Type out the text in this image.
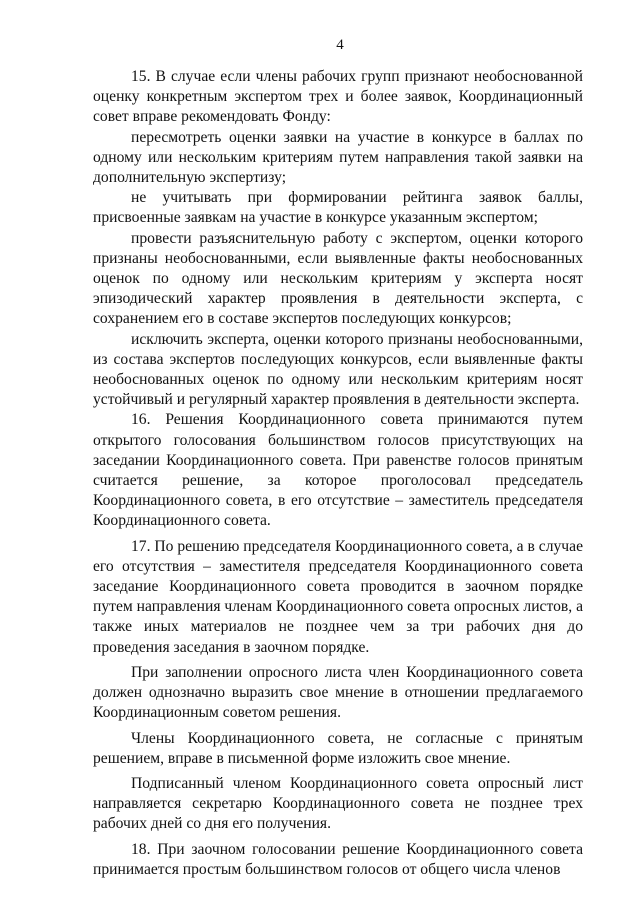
4

15. В случае если члены рабочих групп признают необоснованной оценку конкретным экспертом трех и более заявок, Координационный совет вправе рекомендовать Фонду:

пересмотреть оценки заявки на участие в конкурсе в баллах по одному или нескольким критериям путем направления такой заявки на дополнительную экспертизу;

не учитывать при формировании рейтинга заявок баллы, присвоенные заявкам на участие в конкурсе указанным экспертом;

провести разъяснительную работу с экспертом, оценки которого признаны необоснованными, если выявленные факты необоснованных оценок по одному или нескольким критериям у эксперта носят эпизодический характер проявления в деятельности эксперта, с сохранением его в составе экспертов последующих конкурсов;

исключить эксперта, оценки которого признаны необоснованными, из состава экспертов последующих конкурсов, если выявленные факты необоснованных оценок по одному или нескольким критериям носят устойчивый и регулярный характер проявления в деятельности эксперта.

16. Решения Координационного совета принимаются путем открытого голосования большинством голосов присутствующих на заседании Координационного совета. При равенстве голосов принятым считается решение, за которое проголосовал председатель Координационного совета, в его отсутствие – заместитель председателя Координационного совета.

17. По решению председателя Координационного совета, а в случае его отсутствия – заместителя председателя Координационного совета заседание Координационного совета проводится в заочном порядке путем направления членам Координационного совета опросных листов, а также иных материалов не позднее чем за три рабочих дня до проведения заседания в заочном порядке.

При заполнении опросного листа член Координационного совета должен однозначно выразить свое мнение в отношении предлагаемого Координационным советом решения.

Члены Координационного совета, не согласные с принятым решением, вправе в письменной форме изложить свое мнение.

Подписанный членом Координационного совета опросный лист направляется секретарю Координационного совета не позднее трех рабочих дней со дня его получения.

18. При заочном голосовании решение Координационного совета принимается простым большинством голосов от общего числа членов
